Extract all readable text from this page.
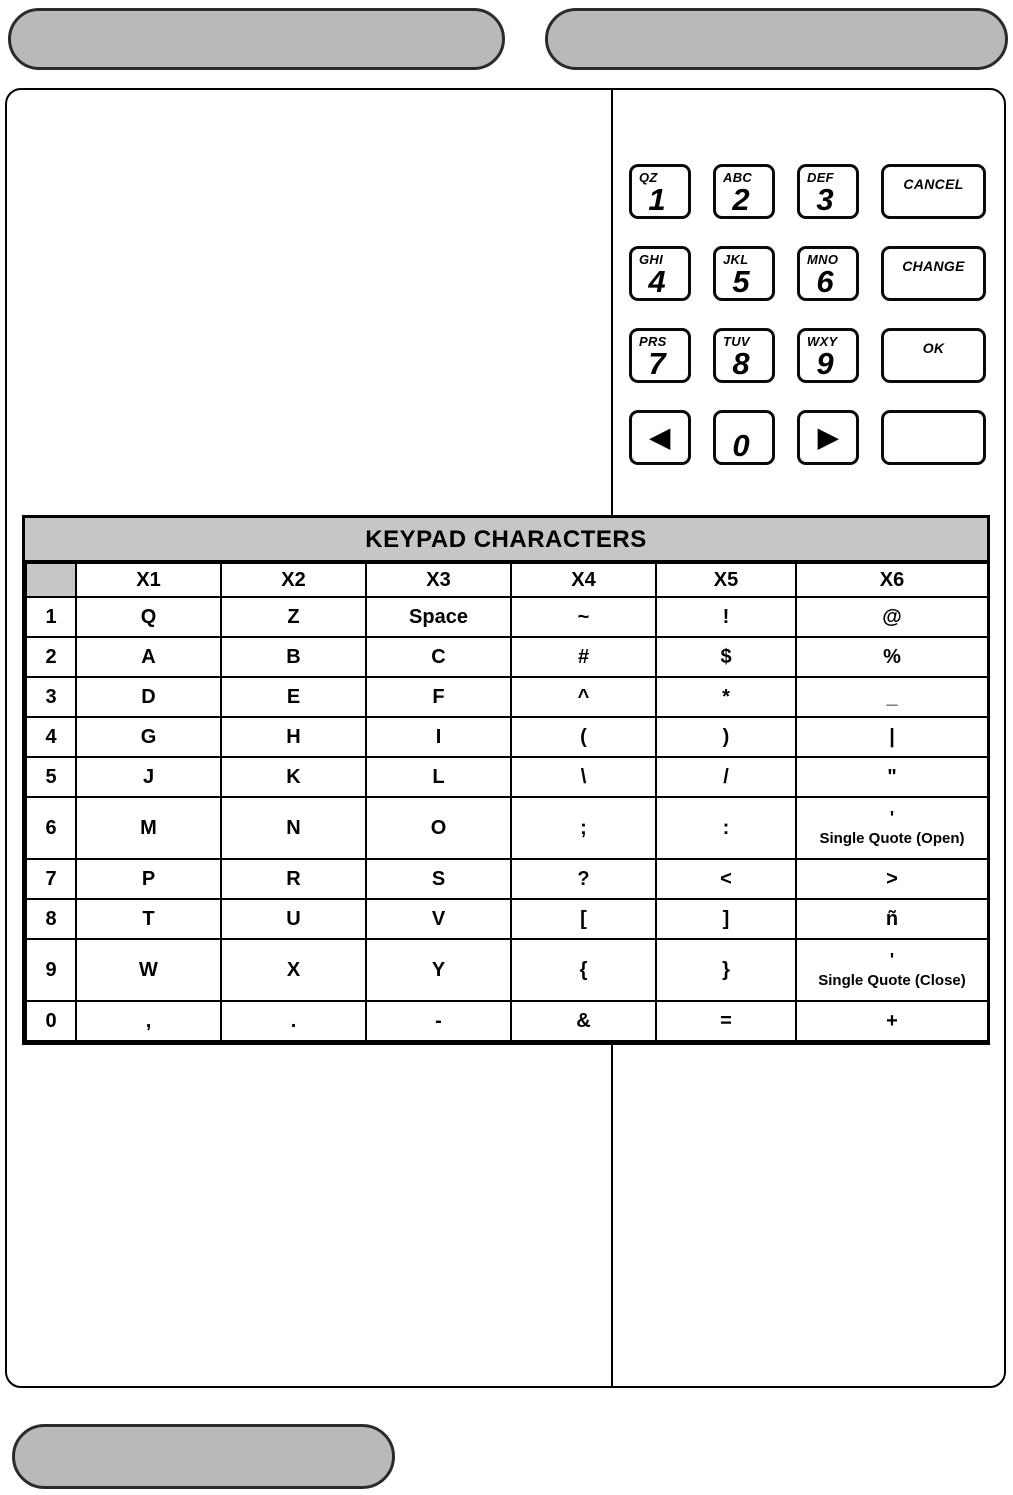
QZ
1
ABC
2
DEF
3	CANCEL
GHI
4
JKL
5
MNO
6	CHANGE
PRS
7
TUV
8
WXY
9	OK
◀	0	▶
KEYPAD CHARACTERS
	X1	X2	X3	X4	X5	X6
1	Q	Z	Space	~	!	@
2	A	B	C	#	$	%
3	D	E	F	^	*	_
4	G	H	I	(	)	|
5	J	K	L	\	/	"
6	M	N	O	;	:	'
Single Quote (Open)

7	P	R	S	?	<	>
8	T	U	V	[	]	ñ
9	W	X	Y	{	}	'
Single Quote (Close)

0	,	.	-	&	=	+
